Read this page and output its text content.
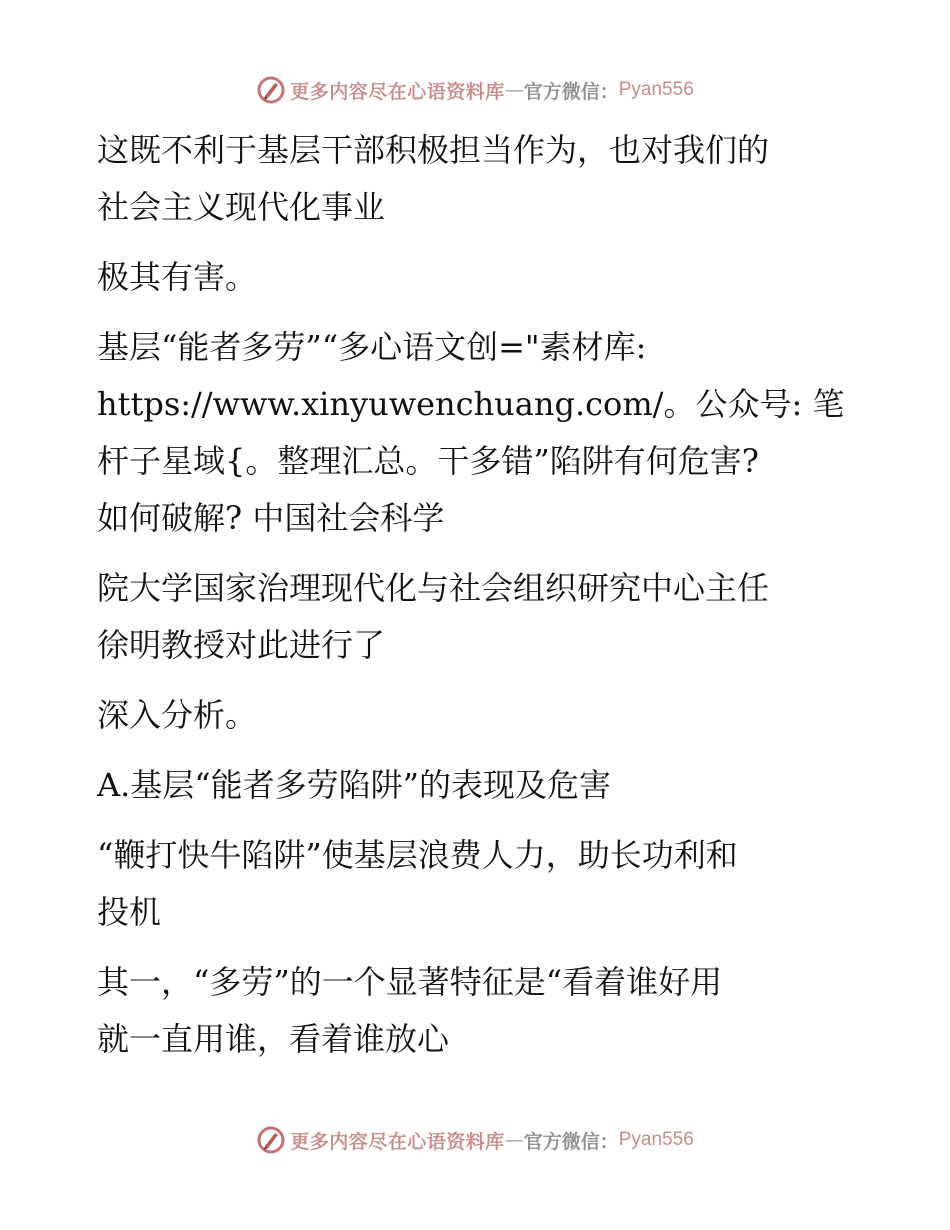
更多内容尽在心语资料库 — 官方微信： Pyan556

这既不利于基层干部积极担当作为，也对我们的
社会主义现代化事业

极其有害。

基层“能者多劳”“多心语文创="素材库:
https://www.xinyuwenchuang.com/。公众号: 笔
杆子星域{。整理汇总。干多错”陷阱有何危害?
如何破解? 中国社会科学

院大学国家治理现代化与社会组织研究中心主任
徐明教授对此进行了

深入分析。

A.基层“能者多劳陷阱”的表现及危害

“鞭打快牛陷阱”使基层浪费人力，助长功利和
投机

其一，“多劳”的一个显著特征是“看着谁好用
就一直用谁，看着谁放心

更多内容尽在心语资料库 — 官方微信： Pyan556
